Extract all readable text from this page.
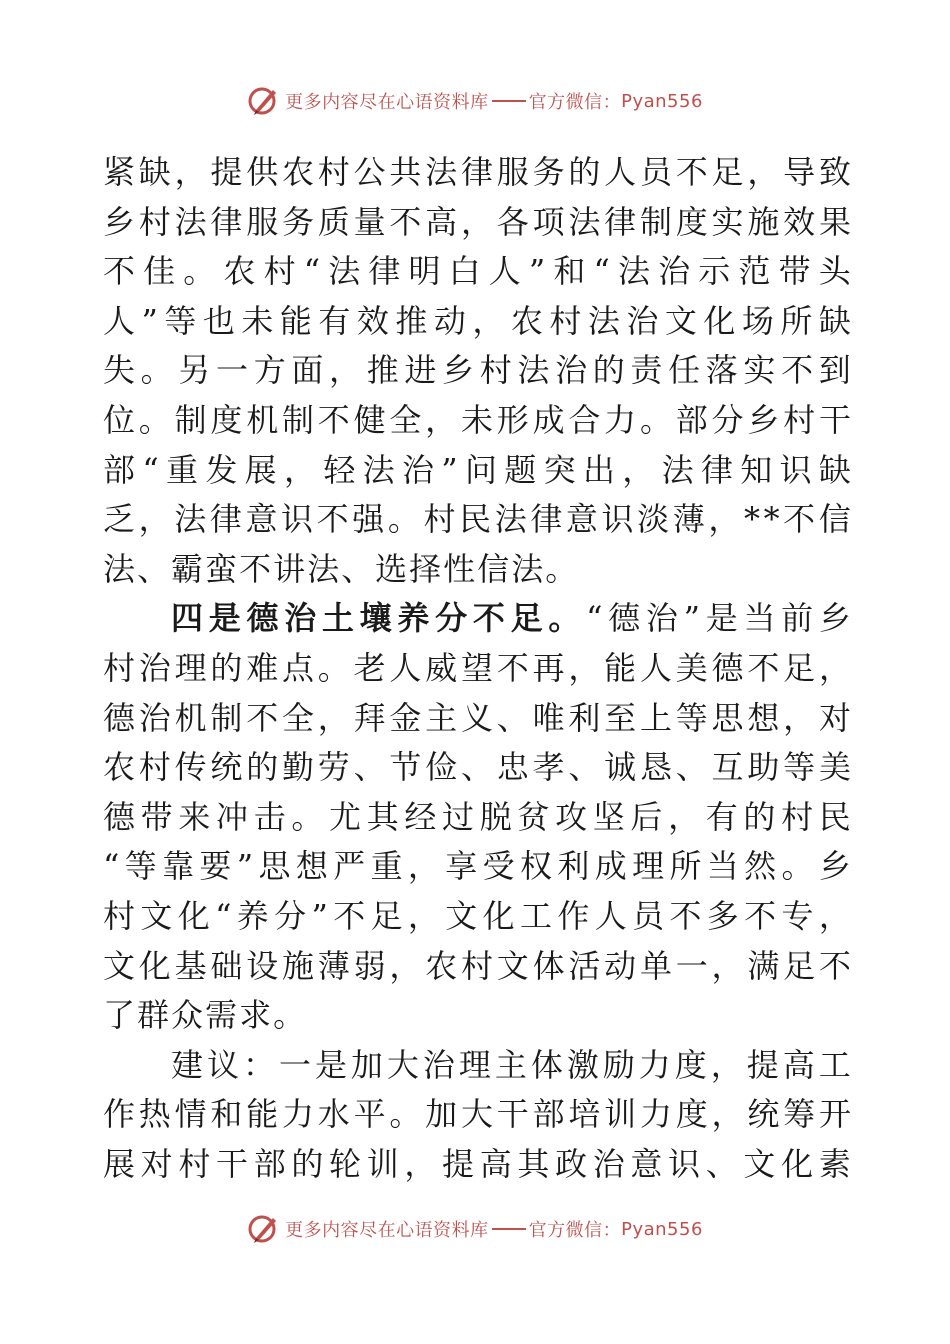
更多内容尽在心语资料库 官方微信： Pyan556
紧 缺 ， 提 供 农 村 公 共 法 律 服 务 的 人 员 不 足 ， 导 致
乡 村 法 律 服 务 质 量 不 高 ， 各 项 法 律 制 度 实 施 效 果
不 佳 。 农 村 “ 法 律 明 白 人 ” 和 “ 法 治 示 范 带 头
人 ” 等 也 未 能 有 效 推 动 ， 农 村 法 治 文 化 场 所 缺
失 。 另 一 方 面 ， 推 进 乡 村 法 治 的 责 任 落 实 不 到
位 。 制 度 机 制 不 健 全 ， 未 形 成 合 力 。 部 分 乡 村 干
部 “ 重 发 展 ， 轻 法 治 ” 问 题 突 出 ， 法 律 知 识 缺
乏 ， 法 律 意 识 不 强 。 村 民 法 律 意 识 淡 薄 ， * * 不 信
法 、 霸 蛮 不 讲 法 、 选 择 性 信 法 。
四 是 德 治 土 壤 养 分 不 足 。 “ 德 治 ” 是 当 前 乡
村 治 理 的 难 点 。 老 人 威 望 不 再 ， 能 人 美 德 不 足 ，
德 治 机 制 不 全 ， 拜 金 主 义 、 唯 利 至 上 等 思 想 ， 对
农 村 传 统 的 勤 劳 、 节 俭 、 忠 孝 、 诚 恳 、 互 助 等 美
德 带 来 冲 击 。 尤 其 经 过 脱 贫 攻 坚 后 ， 有 的 村 民
“ 等 靠 要 ” 思 想 严 重 ， 享 受 权 利 成 理 所 当 然 。 乡
村 文 化 “ 养 分 ” 不 足 ， 文 化 工 作 人 员 不 多 不 专 ，
文 化 基 础 设 施 薄 弱 ， 农 村 文 体 活 动 单 一 ， 满 足 不
了 群 众 需 求 。
建 议 ： 一 是 加 大 治 理 主 体 激 励 力 度 ， 提 高 工
作 热 情 和 能 力 水 平 。 加 大 干 部 培 训 力 度 ， 统 筹 开
展 对 村 干 部 的 轮 训 ， 提 高 其 政 治 意 识 、 文 化 素
更多内容尽在心语资料库 官方微信： Pyan556
